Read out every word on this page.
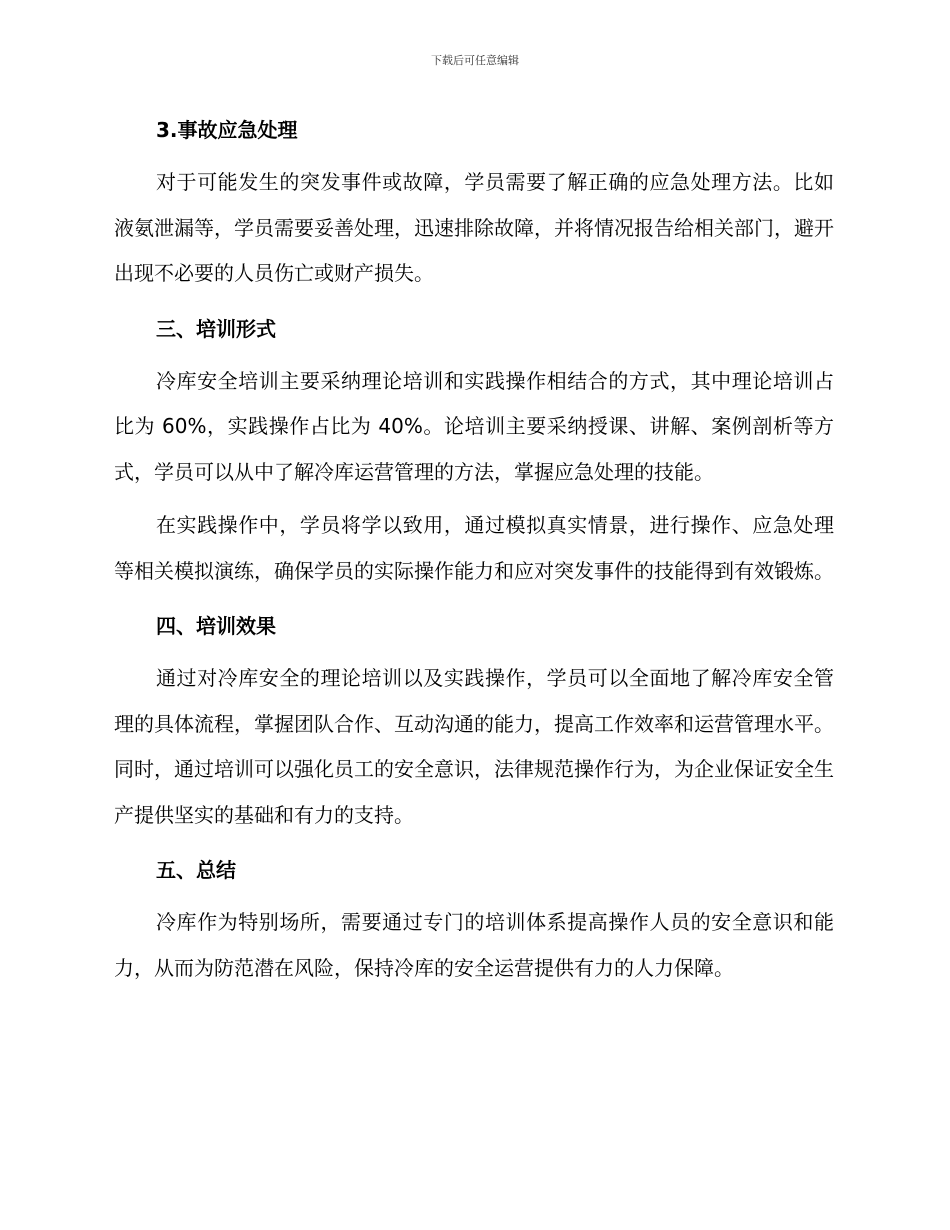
下载后可任意编辑
3.事故应急处理

对于可能发生的突发事件或故障，学员需要了解正确的应急处理方法。比如液氨泄漏等，学员需要妥善处理，迅速排除故障，并将情况报告给相关部门，避开出现不必要的人员伤亡或财产损失。

三、培训形式

冷库安全培训主要采纳理论培训和实践操作相结合的方式，其中理论培训占比为 60%，实践操作占比为 40%。论培训主要采纳授课、讲解、案例剖析等方式，学员可以从中了解冷库运营管理的方法，掌握应急处理的技能。

在实践操作中，学员将学以致用，通过模拟真实情景，进行操作、应急处理等相关模拟演练，确保学员的实际操作能力和应对突发事件的技能得到有效锻炼。

四、培训效果

通过对冷库安全的理论培训以及实践操作，学员可以全面地了解冷库安全管理的具体流程，掌握团队合作、互动沟通的能力，提高工作效率和运营管理水平。同时，通过培训可以强化员工的安全意识，法律规范操作行为，为企业保证安全生产提供坚实的基础和有力的支持。

五、总结

冷库作为特别场所，需要通过专门的培训体系提高操作人员的安全意识和能力，从而为防范潜在风险，保持冷库的安全运营提供有力的人力保障。
